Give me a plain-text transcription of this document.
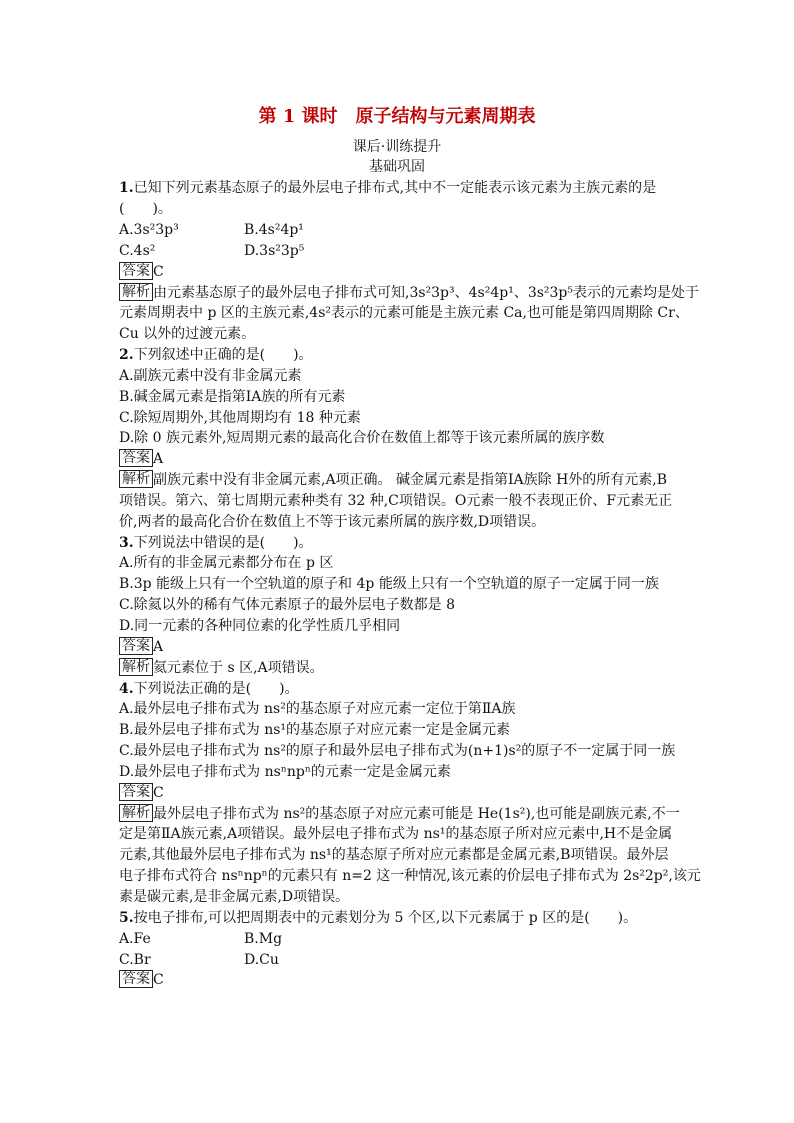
第 1 课时　原子结构与元素周期表
课后·训练提升
基础巩固
1.已知下列元素基态原子的最外层电子排布式,其中不一定能表示该元素为主族元素的是
(　　)。
A.3s²3p³	B.4s²4p¹
C.4s²	D.3s²3p⁵
答案 C
解析 由元素基态原子的最外层电子排布式可知,3s²3p³、4s²4p¹、3s²3p⁵表示的元素均是处于
元素周期表中 p 区的主族元素,4s²表示的元素可能是主族元素 Ca,也可能是第四周期除 Cr、
Cu 以外的过渡元素。
2.下列叙述中正确的是(　　)。
A.副族元素中没有非金属元素
B.碱金属元素是指第ⅠA族的所有元素
C.除短周期外,其他周期均有 18 种元素
D.除 0 族元素外,短周期元素的最高化合价在数值上都等于该元素所属的族序数
答案 A
解析 副族元素中没有非金属元素,A项正确。 碱金属元素是指第ⅠA族除 H外的所有元素,B
项错误。第六、第七周期元素种类有 32 种,C项错误。O元素一般不表现正价、F元素无正
价,两者的最高化合价在数值上不等于该元素所属的族序数,D项错误。
3.下列说法中错误的是(　　)。
A.所有的非金属元素都分布在 p 区
B.3p 能级上只有一个空轨道的原子和 4p 能级上只有一个空轨道的原子一定属于同一族
C.除氦以外的稀有气体元素原子的最外层电子数都是 8
D.同一元素的各种同位素的化学性质几乎相同
答案 A
解析 氦元素位于 s 区,A项错误。
4.下列说法正确的是(　　)。
A.最外层电子排布式为 ns²的基态原子对应元素一定位于第ⅡA族
B.最外层电子排布式为 ns¹的基态原子对应元素一定是金属元素
C.最外层电子排布式为 ns²的原子和最外层电子排布式为(n+1)s²的原子不一定属于同一族
D.最外层电子排布式为 nsⁿnpⁿ的元素一定是金属元素
答案 C
解析 最外层电子排布式为 ns²的基态原子对应元素可能是 He(1s²),也可能是副族元素,不一
定是第ⅡA族元素,A项错误。最外层电子排布式为 ns¹的基态原子所对应元素中,H不是金属
元素,其他最外层电子排布式为 ns¹的基态原子所对应元素都是金属元素,B项错误。最外层
电子排布式符合 nsⁿnpⁿ的元素只有 n=2 这一种情况,该元素的价层电子排布式为 2s²2p²,该元
素是碳元素,是非金属元素,D项错误。
5.按电子排布,可以把周期表中的元素划分为 5 个区,以下元素属于 p 区的是(　　)。
A.Fe	B.Mg
C.Br	D.Cu
答案 C
